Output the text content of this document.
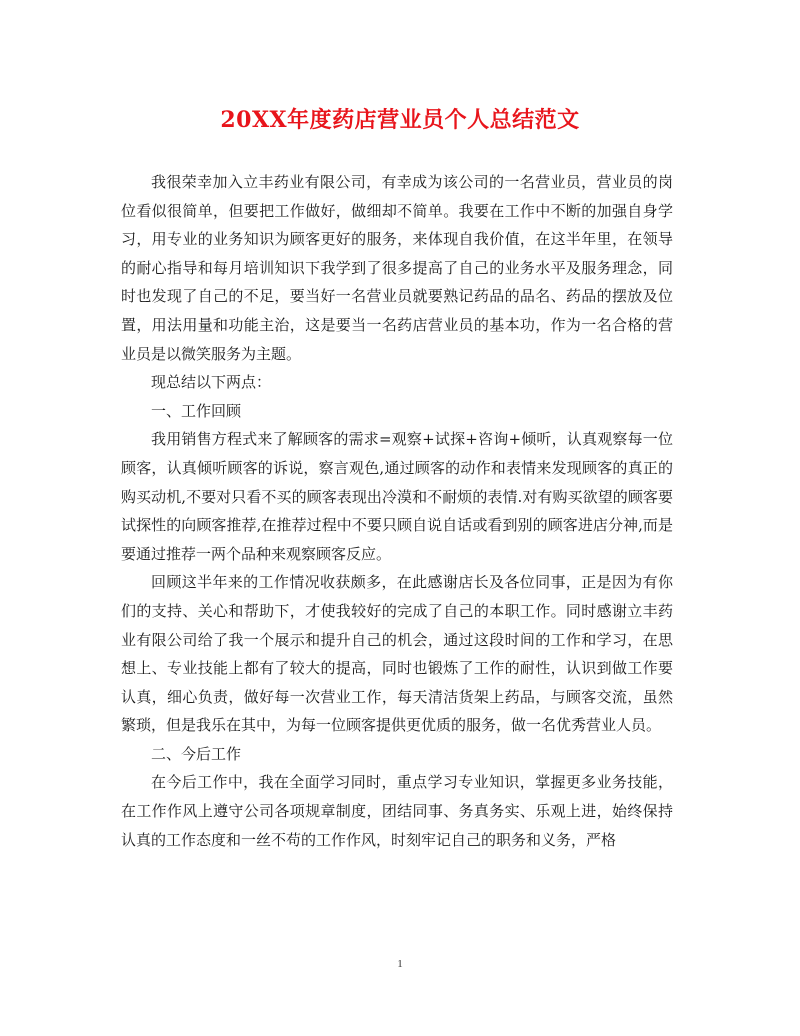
20XX年度药店营业员个人总结范文

我很荣幸加入立丰药业有限公司，有幸成为该公司的一名营业员，营业员的岗位看似很简单，但要把工作做好，做细却不简单。我要在工作中不断的加强自身学习，用专业的业务知识为顾客更好的服务，来体现自我价值，在这半年里，在领导的耐心指导和每月培训知识下我学到了很多提高了自己的业务水平及服务理念，同时也发现了自己的不足，要当好一名营业员就要熟记药品的品名、药品的摆放及位置，用法用量和功能主治，这是要当一名药店营业员的基本功，作为一名合格的营业员是以微笑服务为主题。

现总结以下两点：

一、工作回顾

我用销售方程式来了解顾客的需求=观察+试探+咨询+倾听，认真观察每一位顾客，认真倾听顾客的诉说，察言观色,通过顾客的动作和表情来发现顾客的真正的购买动机,不要对只看不买的顾客表现出冷漠和不耐烦的表情.对有购买欲望的顾客要试探性的向顾客推荐,在推荐过程中不要只顾自说自话或看到别的顾客进店分神,而是要通过推荐一两个品种来观察顾客反应。

回顾这半年来的工作情况收获颇多，在此感谢店长及各位同事，正是因为有你们的支持、关心和帮助下，才使我较好的完成了自己的本职工作。同时感谢立丰药业有限公司给了我一个展示和提升自己的机会，通过这段时间的工作和学习，在思想上、专业技能上都有了较大的提高，同时也锻炼了工作的耐性，认识到做工作要认真，细心负责，做好每一次营业工作，每天清洁货架上药品，与顾客交流，虽然繁琐，但是我乐在其中，为每一位顾客提供更优质的服务，做一名优秀营业人员。

二、今后工作

在今后工作中，我在全面学习同时，重点学习专业知识，掌握更多业务技能，在工作作风上遵守公司各项规章制度，团结同事、务真务实、乐观上进，始终保持认真的工作态度和一丝不苟的工作作风，时刻牢记自己的职务和义务，严格

1
